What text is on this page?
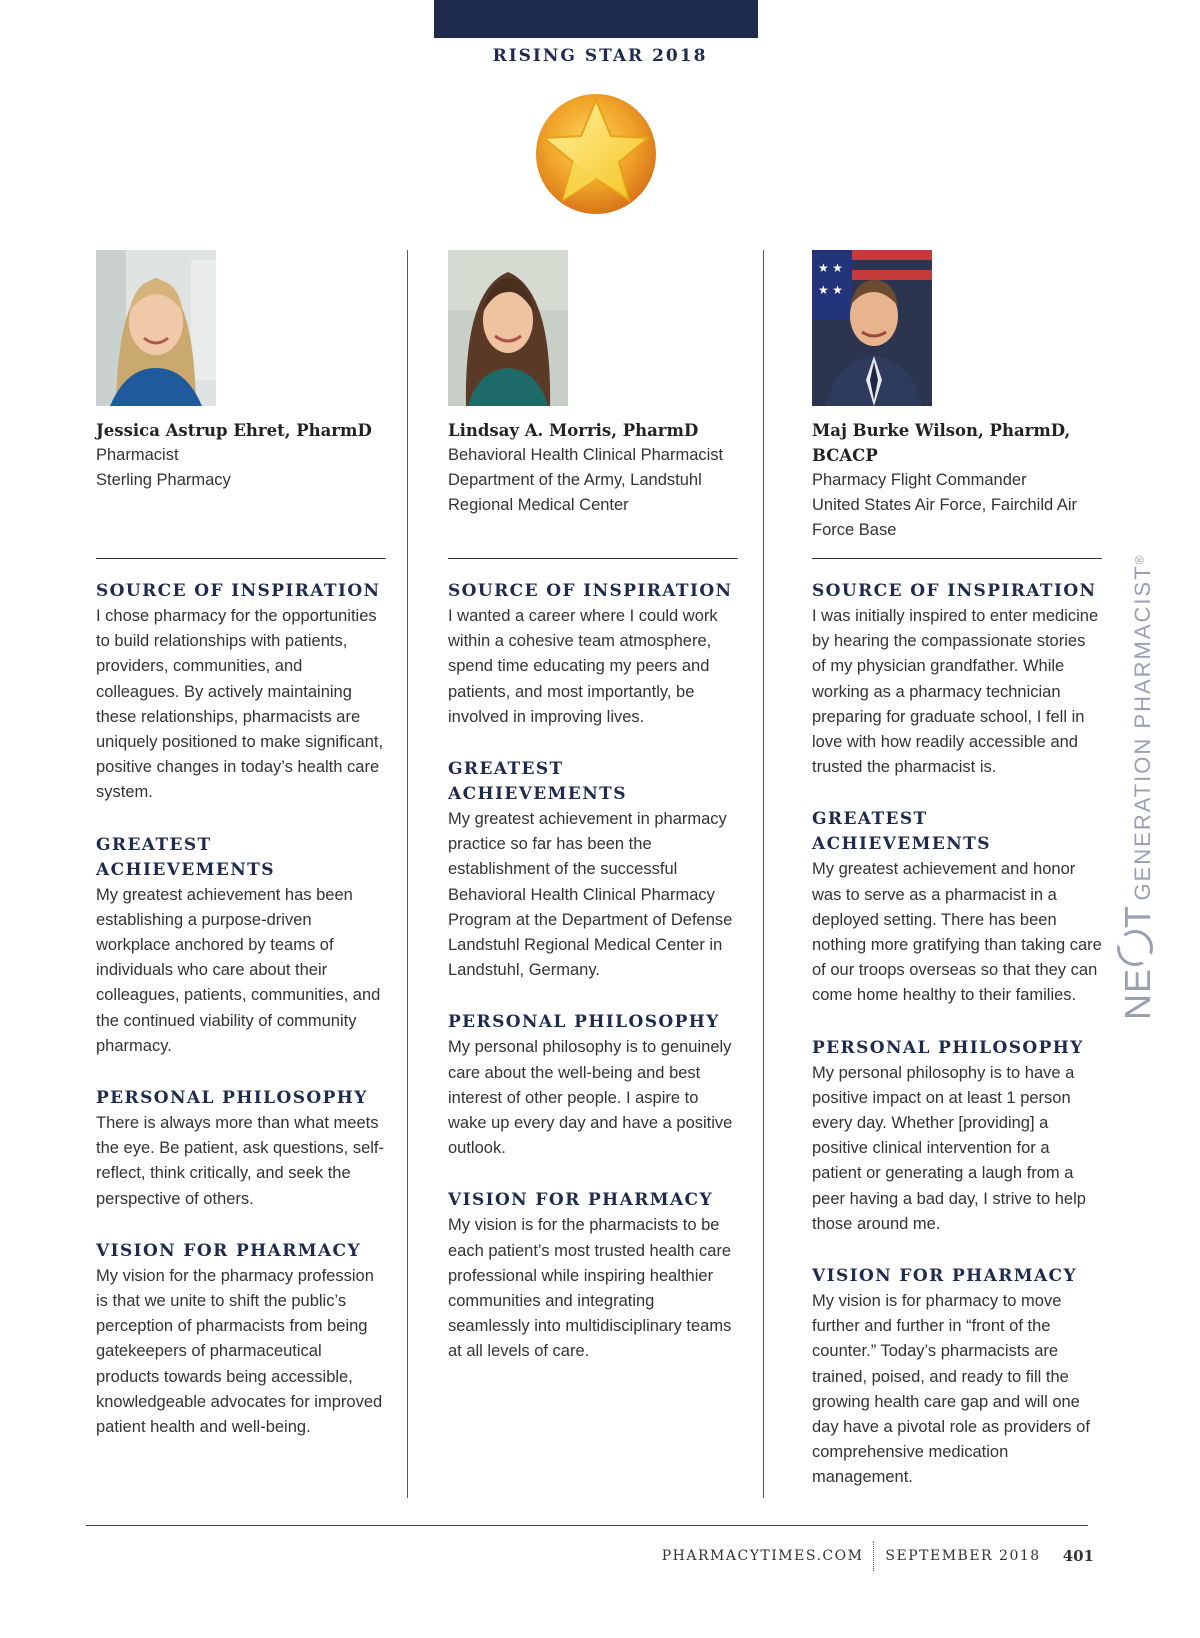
RISING STAR 2018
Jessica Astrup Ehret, PharmD
Pharmacist
Sterling Pharmacy
SOURCE OF INSPIRATION

I chose pharmacy for the opportunities to build relationships with patients, providers, communities, and colleagues. By actively maintaining these relationships, pharmacists are uniquely positioned to make significant, positive changes in today’s health care system.

GREATEST ACHIEVEMENTS

My greatest achievement has been establishing a purpose-driven workplace anchored by teams of individuals who care about their colleagues, patients, communities, and the continued viability of community pharmacy.

PERSONAL PHILOSOPHY

There is always more than what meets the eye. Be patient, ask questions, self-reflect, think critically, and seek the perspective of others.

VISION FOR PHARMACY

My vision for the pharmacy profession is that we unite to shift the public’s perception of pharmacists from being gatekeepers of pharmaceutical products towards being accessible, knowledgeable advocates for improved patient health and well-being.

Lindsay A. Morris, PharmD
Behavioral Health Clinical Pharmacist
Department of the Army, Landstuhl Regional Medical Center
SOURCE OF INSPIRATION

I wanted a career where I could work within a cohesive team atmosphere, spend time educating my peers and patients, and most importantly, be involved in improving lives.

GREATEST ACHIEVEMENTS

My greatest achievement in pharmacy practice so far has been the establishment of the successful Behavioral Health Clinical Pharmacy Program at the Department of Defense Landstuhl Regional Medical Center in Landstuhl, Germany.

PERSONAL PHILOSOPHY

My personal philosophy is to genuinely care about the well-being and best interest of other people. I aspire to wake up every day and have a positive outlook.

VISION FOR PHARMACY

My vision is for the pharmacists to be each patient’s most trusted health care professional while inspiring healthier communities and integrating seamlessly into multidisciplinary teams at all levels of care.

★ ★
★ ★
Maj Burke Wilson, PharmD, BCACP
Pharmacy Flight Commander
United States Air Force, Fairchild Air Force Base
SOURCE OF INSPIRATION

I was initially inspired to enter medicine by hearing the compassionate stories of my physician grandfather. While working as a pharmacy technician preparing for graduate school, I fell in love with how readily accessible and trusted the pharmacist is.

GREATEST ACHIEVEMENTS

My greatest achievement and honor was to serve as a pharmacist in a deployed setting. There has been nothing more gratifying than taking care of our troops overseas so that they can come home healthy to their families.

PERSONAL PHILOSOPHY

My personal philosophy is to have a positive impact on at least 1 person every day. Whether [providing] a positive clinical intervention for a patient or generating a laugh from a peer having a bad day, I strive to help those around me.

VISION FOR PHARMACY

My vision is for pharmacy to move further and further in “front of the counter.” Today’s pharmacists are trained, poised, and ready to fill the growing health care gap and will one day have a pivotal role as providers of comprehensive medication management.

NET GENERATION PHARMACIST®
PHARMACYTIMES.COM SEPTEMBER 2018 401
